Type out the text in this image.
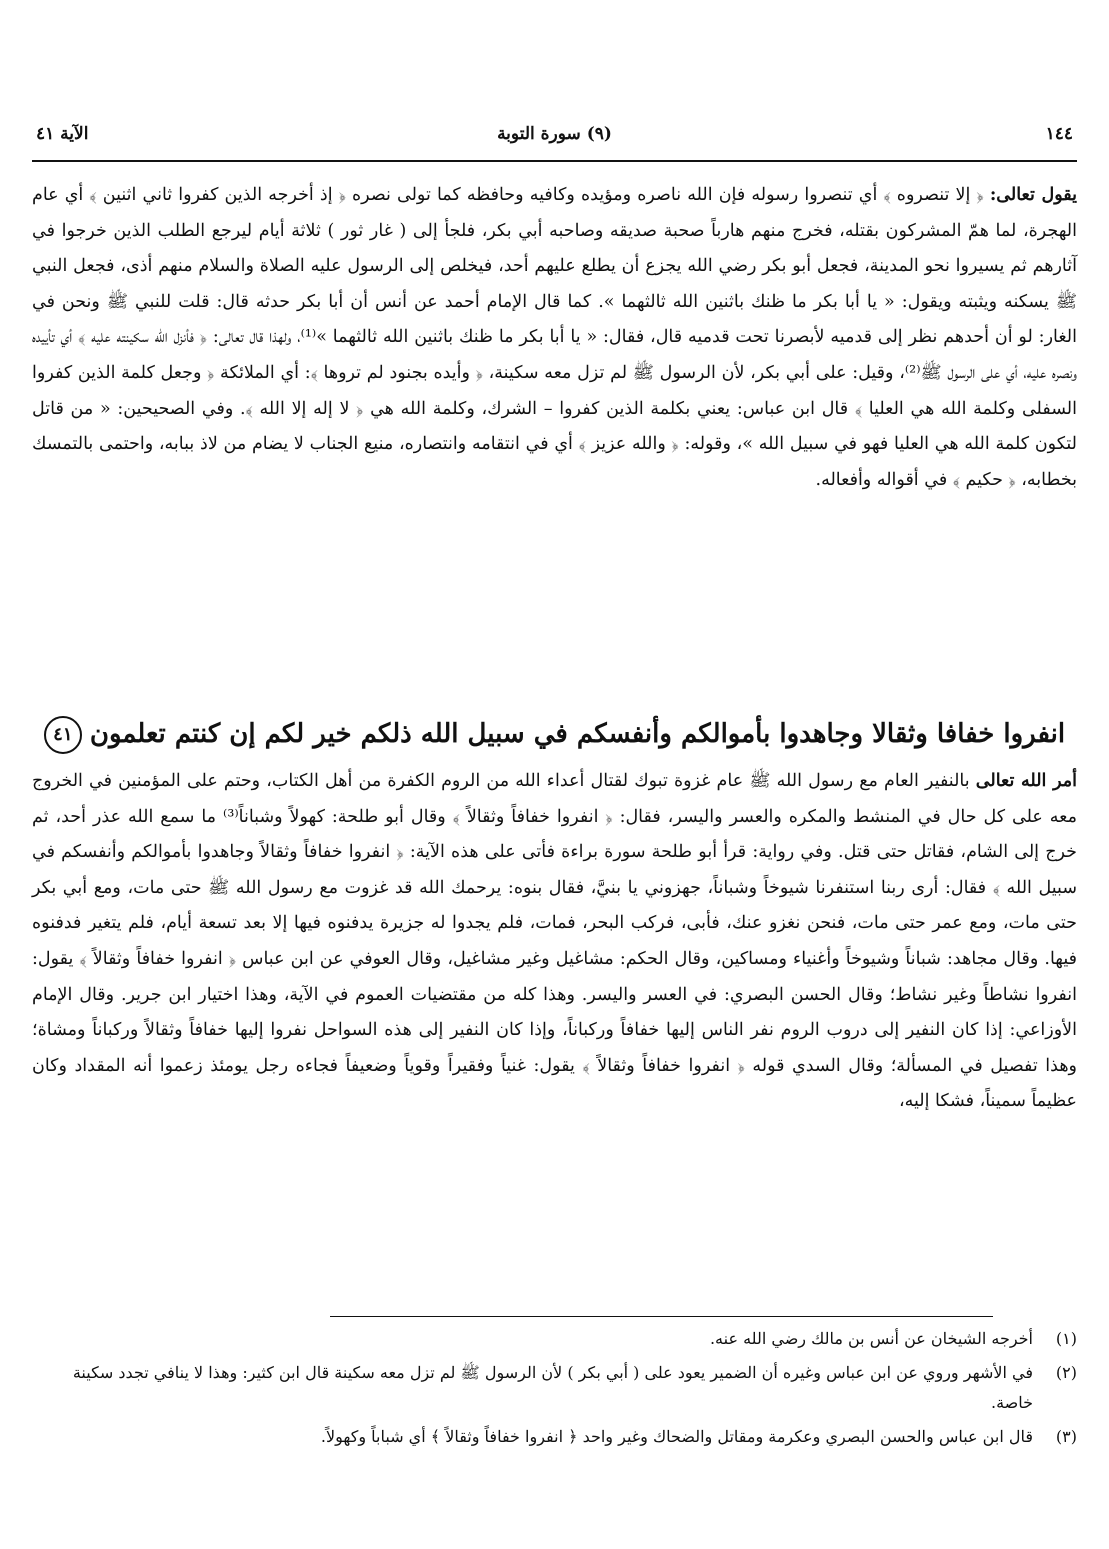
١٤٤
(٩) سورة التوبة
الآية ٤١

يقول تعالى: ﴿ إلا تنصروه ﴾ أي تنصروا رسوله فإن الله ناصره ومؤيده وكافيه وحافظه كما تولى نصره ﴿ إذ أخرجه الذين كفروا ثاني اثنين ﴾ أي عام الهجرة، لما همّ المشركون بقتله، فخرج منهم هارباً صحبة صديقه وصاحبه أبي بكر، فلجأ إلى ( غار ثور ) ثلاثة أيام ليرجع الطلب الذين خرجوا في آثارهم ثم يسيروا نحو المدينة، فجعل أبو بكر رضي الله يجزع أن يطلع عليهم أحد، فيخلص إلى الرسول عليه الصلاة والسلام منهم أذى، فجعل النبي ﷺ يسكنه ويثبته ويقول: « يا أبا بكر ما ظنك باثنين الله ثالثهما ». كما قال الإمام أحمد عن أنس أن أبا بكر حدثه قال: قلت للنبي ﷺ ونحن في الغار: لو أن أحدهم نظر إلى قدميه لأبصرنا تحت قدميه قال، فقال: « يا أبا بكر ما ظنك باثنين الله ثالثهما »⁽¹⁾، ولهذا قال تعالى: ﴿ فأنزل الله سكينته عليه ﴾ أي تأييده ونصره عليه، أي على الرسول ﷺ⁽²⁾، وقيل: على أبي بكر، لأن الرسول ﷺ لم تزل معه سكينة، ﴿ وأيده بجنود لم تروها ﴾: أي الملائكة ﴿ وجعل كلمة الذين كفروا السفلى وكلمة الله هي العليا ﴾ قال ابن عباس: يعني بكلمة الذين كفروا – الشرك، وكلمة الله هي ﴿ لا إله إلا الله ﴾. وفي الصحيحين: « من قاتل لتكون كلمة الله هي العليا فهو في سبيل الله »، وقوله: ﴿ والله عزيز ﴾ أي في انتقامه وانتصاره، منيع الجناب لا يضام من لاذ ببابه، واحتمى بالتمسك بخطابه، ﴿ حكيم ﴾ في أقواله وأفعاله.

انفروا خفافا وثقالا وجاهدوا بأموالكم وأنفسكم في سبيل الله ذلكم خير لكم إن كنتم تعلمون٤١

أمر الله تعالى بالنفير العام مع رسول الله ﷺ عام غزوة تبوك لقتال أعداء الله من الروم الكفرة من أهل الكتاب، وحتم على المؤمنين في الخروج معه على كل حال في المنشط والمكره والعسر واليسر، فقال: ﴿ انفروا خفافاً وثقالاً ﴾ وقال أبو طلحة: كهولاً وشباناً⁽³⁾ ما سمع الله عذر أحد، ثم خرج إلى الشام، فقاتل حتى قتل. وفي رواية: قرأ أبو طلحة سورة براءة فأتى على هذه الآية: ﴿ انفروا خفافاً وثقالاً وجاهدوا بأموالكم وأنفسكم في سبيل الله ﴾ فقال: أرى ربنا استنفرنا شيوخاً وشباناً، جهزوني يا بنيَّ، فقال بنوه: يرحمك الله قد غزوت مع رسول الله ﷺ حتى مات، ومع أبي بكر حتى مات، ومع عمر حتى مات، فنحن نغزو عنك، فأبى، فركب البحر، فمات، فلم يجدوا له جزيرة يدفنوه فيها إلا بعد تسعة أيام، فلم يتغير فدفنوه فيها. وقال مجاهد: شباناً وشيوخاً وأغنياء ومساكين، وقال الحكم: مشاغيل وغير مشاغيل، وقال العوفي عن ابن عباس ﴿ انفروا خفافاً وثقالاً ﴾ يقول: انفروا نشاطاً وغير نشاط؛ وقال الحسن البصري: في العسر واليسر. وهذا كله من مقتضيات العموم في الآية، وهذا اختيار ابن جرير. وقال الإمام الأوزاعي: إذا كان النفير إلى دروب الروم نفر الناس إليها خفافاً وركباناً، وإذا كان النفير إلى هذه السواحل نفروا إليها خفافاً وثقالاً وركباناً ومشاة؛ وهذا تفصيل في المسألة؛ وقال السدي قوله ﴿ انفروا خفافاً وثقالاً ﴾ يقول: غنياً وفقيراً وقوياً وضعيفاً فجاءه رجل يومئذ زعموا أنه المقداد وكان عظيماً سميناً، فشكا إليه،

(١)
أخرجه الشيخان عن أنس بن مالك رضي الله عنه.
(٢)
في الأشهر وروي عن ابن عباس وغيره أن الضمير يعود على ( أبي بكر ) لأن الرسول ﷺ لم تزل معه سكينة قال ابن كثير: وهذا لا ينافي تجدد سكينة خاصة.
(٣)
قال ابن عباس والحسن البصري وعكرمة ومقاتل والضحاك وغير واحد ﴿ انفروا خفافاً وثقالاً ﴾ أي شباباً وكهولاً.
